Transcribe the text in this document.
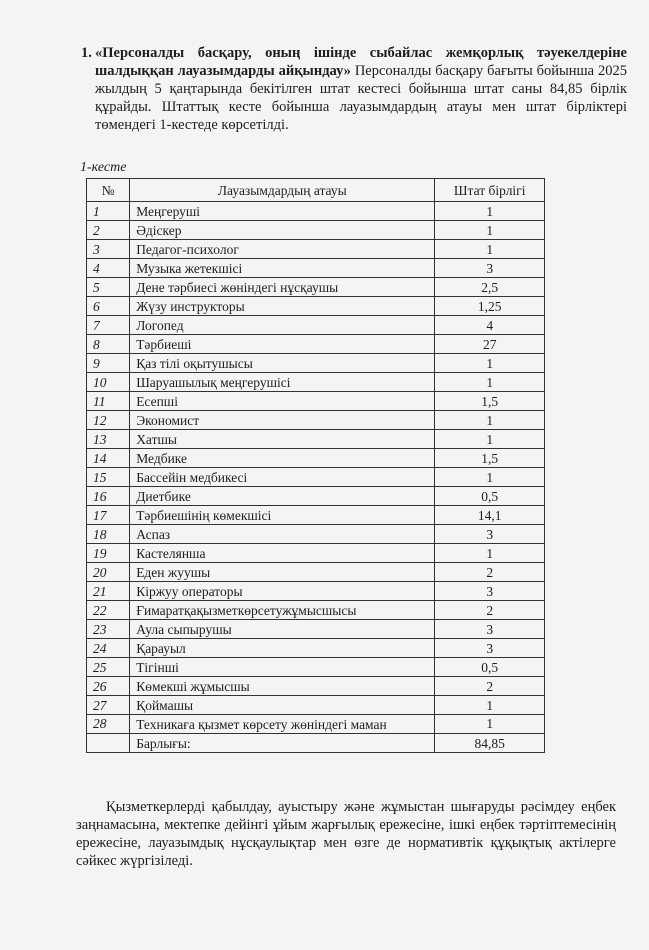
1. «Персоналды басқару, оның ішінде сыбайлас жемқорлық тәуекелдеріне шалдыққан лауазымдарды айқындау» Персоналды басқару бағыты бойынша 2025 жылдың 5 қаңтарында бекітілген штат кестесі бойынша штат саны 84,85 бірлік құрайды. Штаттық кесте бойынша лауазымдардың атауы мен штат бірліктері төмендегі 1-кестеде көрсетілді.
1-кесте
№	Лауазымдардың атауы	Штат бірлігі
1	Меңгеруші	1
2	Әдіскер	1
3	Педагог-психолог	1
4	Музыка жетекшісі	3
5	Дене тәрбиесі жөніндегі нұсқаушы	2,5
6	Жүзу инструкторы	1,25
7	Логопед	4
8	Тәрбиеші	27
9	Қаз тілі оқытушысы	1
10	Шаруашылық меңгерушісі	1
11	Есепші	1,5
12	Экономист	1
13	Хатшы	1
14	Медбике	1,5
15	Бассейін медбикесі	1
16	Диетбике	0,5
17	Тәрбиешінің көмекшісі	14,1
18	Аспаз	3
19	Кастелянша	1
20	Еден жуушы	2
21	Кіржуу операторы	3
22	Ғимаратқақызметкөрсетужұмысшысы	2
23	Аула сыпырушы	3
24	Қарауыл	3
25	Тігінші	0,5
26	Көмекші жұмысшы	2
27	Қоймашы	1
28	Техникаға қызмет көрсету жөніндегі маман	1
	Барлығы:	84,85
Қызметкерлерді қабылдау, ауыстыру және жұмыстан шығаруды рәсімдеу еңбек заңнамасына, мектепке дейінгі ұйым жарғылық ережесіне, ішкі еңбек тәртіптемесінің ережесіне, лауазымдық нұсқаулықтар мен өзге де нормативтік құқықтық актілерге сәйкес жүргізіледі.
